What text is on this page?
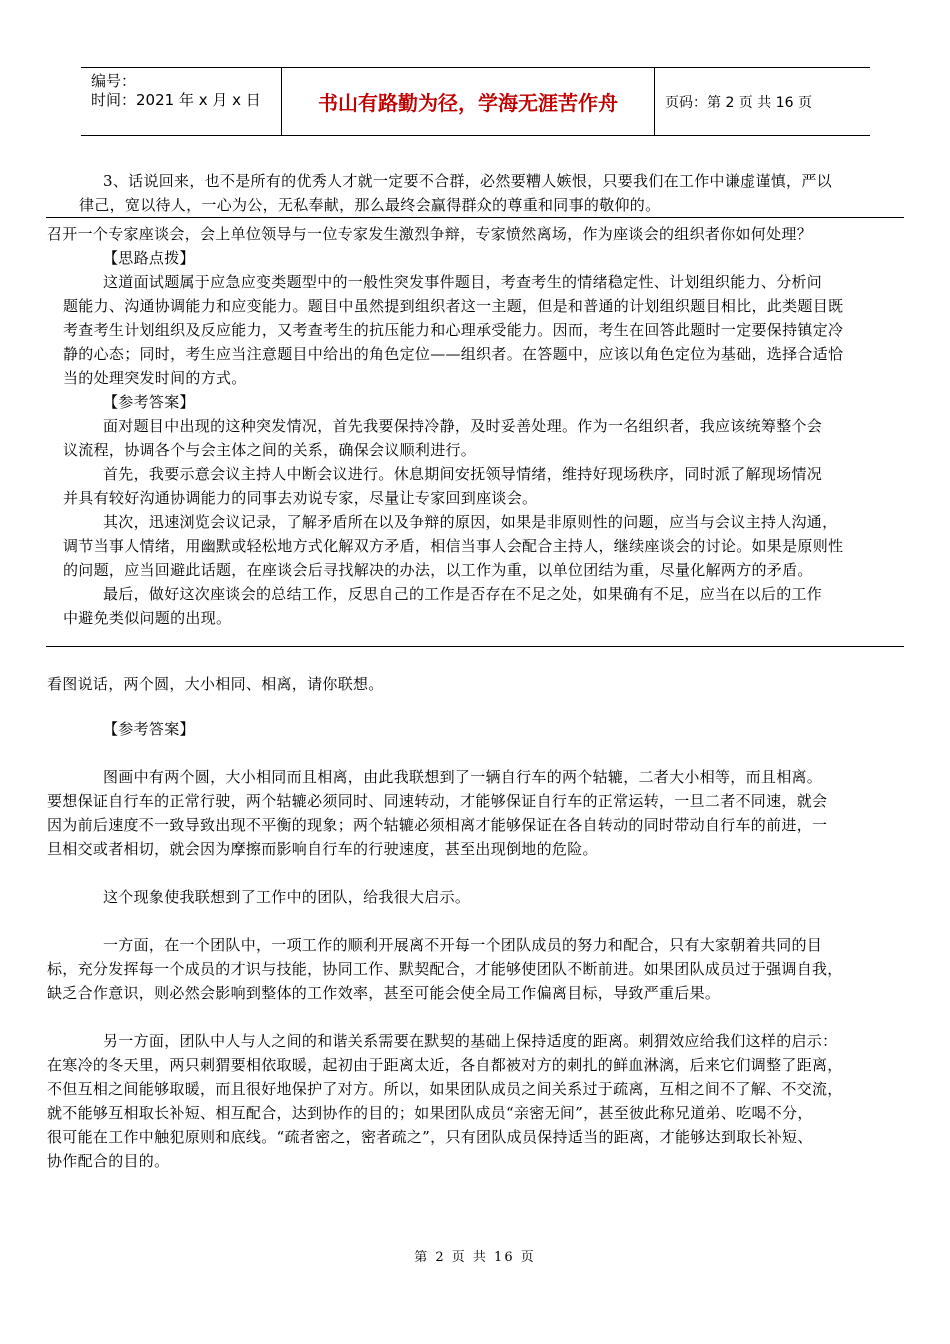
编号：
时间：2021 年 x 月 x 日	书山有路勤为径，学海无涯苦作舟	页码：第 2 页 共 16 页
3、话说回来，也不是所有的优秀人才就一定要不合群，必然要糟人嫉恨，只要我们在工作中谦虚谨慎，严以
律己，宽以待人，一心为公，无私奉献，那么最终会赢得群众的尊重和同事的敬仰的。
召开一个专家座谈会，会上单位领导与一位专家发生激烈争辩，专家愤然离场，作为座谈会的组织者你如何处理？
【思路点拨】
这道面试题属于应急应变类题型中的一般性突发事件题目，考查考生的情绪稳定性、计划组织能力、分析问
题能力、沟通协调能力和应变能力。题目中虽然提到组织者这一主题，但是和普通的计划组织题目相比，此类题目既
考查考生计划组织及反应能力，又考查考生的抗压能力和心理承受能力。因而，考生在回答此题时一定要保持镇定冷
静的心态；同时，考生应当注意题目中给出的角色定位——组织者。在答题中，应该以角色定位为基础，选择合适恰
当的处理突发时间的方式。
【参考答案】
面对题目中出现的这种突发情况，首先我要保持冷静，及时妥善处理。作为一名组织者，我应该统筹整个会
议流程，协调各个与会主体之间的关系，确保会议顺利进行。
首先，我要示意会议主持人中断会议进行。休息期间安抚领导情绪，维持好现场秩序，同时派了解现场情况
并具有较好沟通协调能力的同事去劝说专家，尽量让专家回到座谈会。
其次，迅速浏览会议记录，了解矛盾所在以及争辩的原因，如果是非原则性的问题，应当与会议主持人沟通，
调节当事人情绪，用幽默或轻松地方式化解双方矛盾，相信当事人会配合主持人，继续座谈会的讨论。如果是原则性
的问题，应当回避此话题，在座谈会后寻找解决的办法，以工作为重，以单位团结为重，尽量化解两方的矛盾。
最后，做好这次座谈会的总结工作，反思自己的工作是否存在不足之处，如果确有不足，应当在以后的工作
中避免类似问题的出现。
看图说话，两个圆，大小相同、相离，请你联想。
【参考答案】
图画中有两个圆，大小相同而且相离，由此我联想到了一辆自行车的两个轱辘，二者大小相等，而且相离。
要想保证自行车的正常行驶，两个轱辘必须同时、同速转动，才能够保证自行车的正常运转，一旦二者不同速，就会
因为前后速度不一致导致出现不平衡的现象；两个轱辘必须相离才能够保证在各自转动的同时带动自行车的前进，一
旦相交或者相切，就会因为摩擦而影响自行车的行驶速度，甚至出现倒地的危险。
这个现象使我联想到了工作中的团队，给我很大启示。
一方面，在一个团队中，一项工作的顺利开展离不开每一个团队成员的努力和配合，只有大家朝着共同的目
标，充分发挥每一个成员的才识与技能，协同工作、默契配合，才能够使团队不断前进。如果团队成员过于强调自我，
缺乏合作意识，则必然会影响到整体的工作效率，甚至可能会使全局工作偏离目标，导致严重后果。
另一方面，团队中人与人之间的和谐关系需要在默契的基础上保持适度的距离。刺猬效应给我们这样的启示：
在寒冷的冬天里，两只刺猬要相依取暖，起初由于距离太近，各自都被对方的刺扎的鲜血淋漓，后来它们调整了距离，
不但互相之间能够取暖，而且很好地保护了对方。所以，如果团队成员之间关系过于疏离，互相之间不了解、不交流，
就不能够互相取长补短、相互配合，达到协作的目的；如果团队成员“亲密无间”，甚至彼此称兄道弟、吃喝不分，
很可能在工作中触犯原则和底线。“疏者密之，密者疏之”，只有团队成员保持适当的距离，才能够达到取长补短、
协作配合的目的。
第 2 页 共 16 页
